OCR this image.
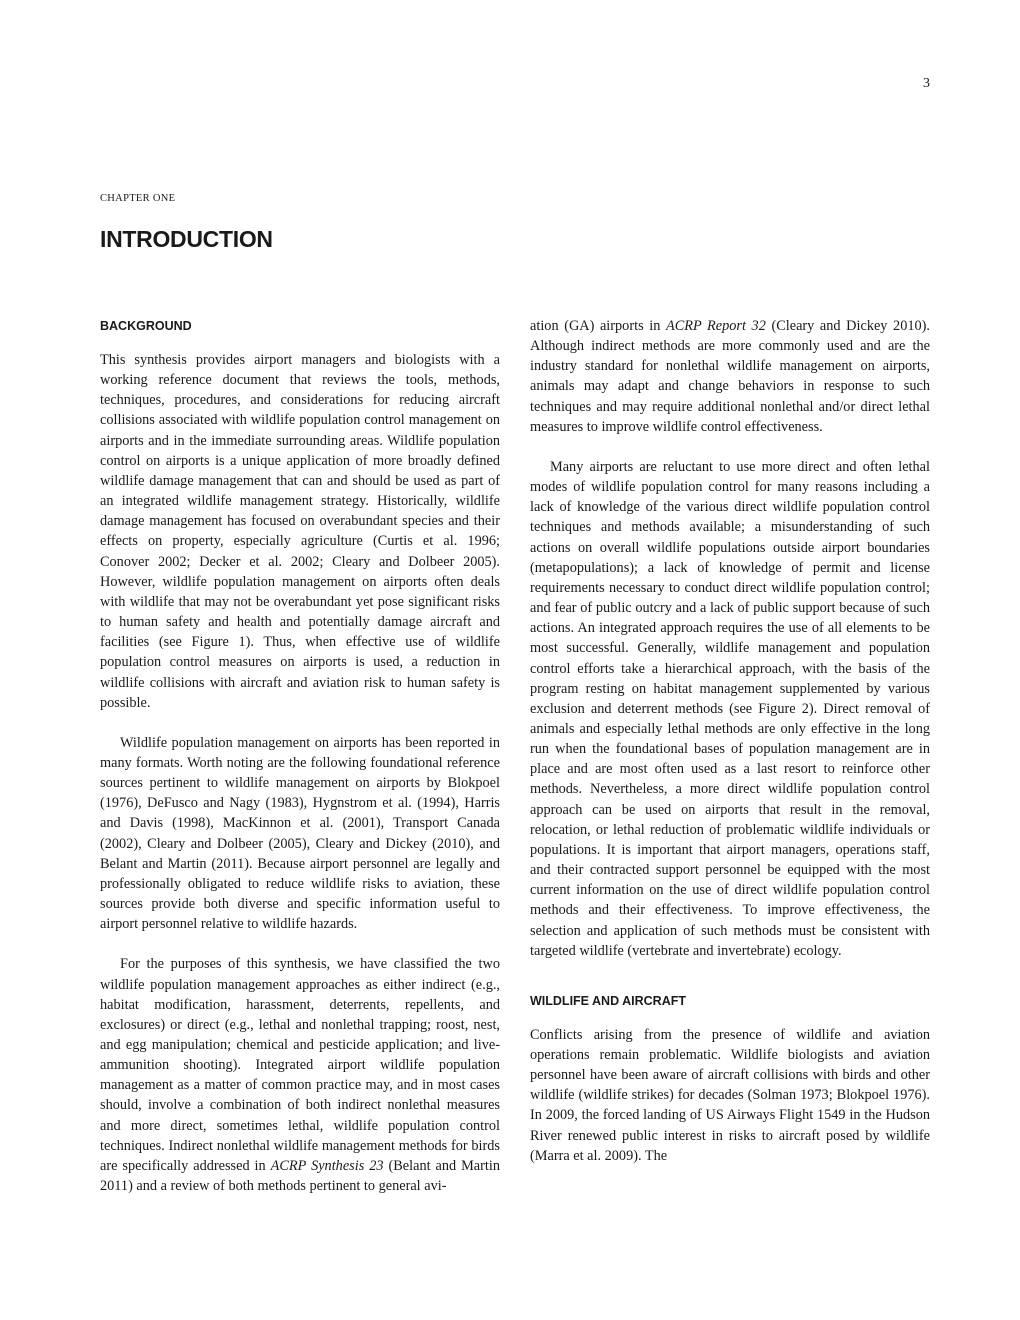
3
CHAPTER ONE
INTRODUCTION
BACKGROUND

This synthesis provides airport managers and biologists with a working reference document that reviews the tools, methods, techniques, procedures, and considerations for reducing aircraft collisions associated with wildlife population control management on airports and in the immediate surrounding areas. Wildlife population control on airports is a unique application of more broadly defined wildlife damage management that can and should be used as part of an integrated wildlife management strategy. Historically, wildlife damage management has focused on overabundant species and their effects on property, especially agriculture (Curtis et al. 1996; Conover 2002; Decker et al. 2002; Cleary and Dolbeer 2005). However, wildlife population management on airports often deals with wildlife that may not be overabundant yet pose significant risks to human safety and health and potentially damage aircraft and facilities (see Figure 1). Thus, when effective use of wildlife population control measures on airports is used, a reduction in wildlife collisions with aircraft and aviation risk to human safety is possible.

Wildlife population management on airports has been reported in many formats. Worth noting are the following foundational reference sources pertinent to wildlife management on airports by Blokpoel (1976), DeFusco and Nagy (1983), Hygnstrom et al. (1994), Harris and Davis (1998), MacKinnon et al. (2001), Transport Canada (2002), Cleary and Dolbeer (2005), Cleary and Dickey (2010), and Belant and Martin (2011). Because airport personnel are legally and professionally obligated to reduce wildlife risks to aviation, these sources provide both diverse and specific information useful to airport personnel relative to wildlife hazards.

For the purposes of this synthesis, we have classified the two wildlife population management approaches as either indirect (e.g., habitat modification, harassment, deterrents, repellents, and exclosures) or direct (e.g., lethal and nonlethal trapping; roost, nest, and egg manipulation; chemical and pesticide application; and live-ammunition shooting). Integrated airport wildlife population management as a matter of common practice may, and in most cases should, involve a combination of both indirect nonlethal measures and more direct, sometimes lethal, wildlife population control techniques. Indirect nonlethal wildlife management methods for birds are specifically addressed in ACRP Synthesis 23 (Belant and Martin 2011) and a review of both methods pertinent to general avi-

ation (GA) airports in ACRP Report 32 (Cleary and Dickey 2010). Although indirect methods are more commonly used and are the industry standard for nonlethal wildlife management on airports, animals may adapt and change behaviors in response to such techniques and may require additional nonlethal and/or direct lethal measures to improve wildlife control effectiveness.

Many airports are reluctant to use more direct and often lethal modes of wildlife population control for many reasons including a lack of knowledge of the various direct wildlife population control techniques and methods available; a misunderstanding of such actions on overall wildlife populations outside airport boundaries (metapopulations); a lack of knowledge of permit and license requirements necessary to conduct direct wildlife population control; and fear of public outcry and a lack of public support because of such actions. An integrated approach requires the use of all elements to be most successful. Generally, wildlife management and population control efforts take a hierarchical approach, with the basis of the program resting on habitat management supplemented by various exclusion and deterrent methods (see Figure 2). Direct removal of animals and especially lethal methods are only effective in the long run when the foundational bases of population management are in place and are most often used as a last resort to reinforce other methods. Nevertheless, a more direct wildlife population control approach can be used on airports that result in the removal, relocation, or lethal reduction of problematic wildlife individuals or populations. It is important that airport managers, operations staff, and their contracted support personnel be equipped with the most current information on the use of direct wildlife population control methods and their effectiveness. To improve effectiveness, the selection and application of such methods must be consistent with targeted wildlife (vertebrate and invertebrate) ecology.

WILDLIFE AND AIRCRAFT

Conflicts arising from the presence of wildlife and aviation operations remain problematic. Wildlife biologists and aviation personnel have been aware of aircraft collisions with birds and other wildlife (wildlife strikes) for decades (Solman 1973; Blokpoel 1976). In 2009, the forced landing of US Airways Flight 1549 in the Hudson River renewed public interest in risks to aircraft posed by wildlife (Marra et al. 2009). The
